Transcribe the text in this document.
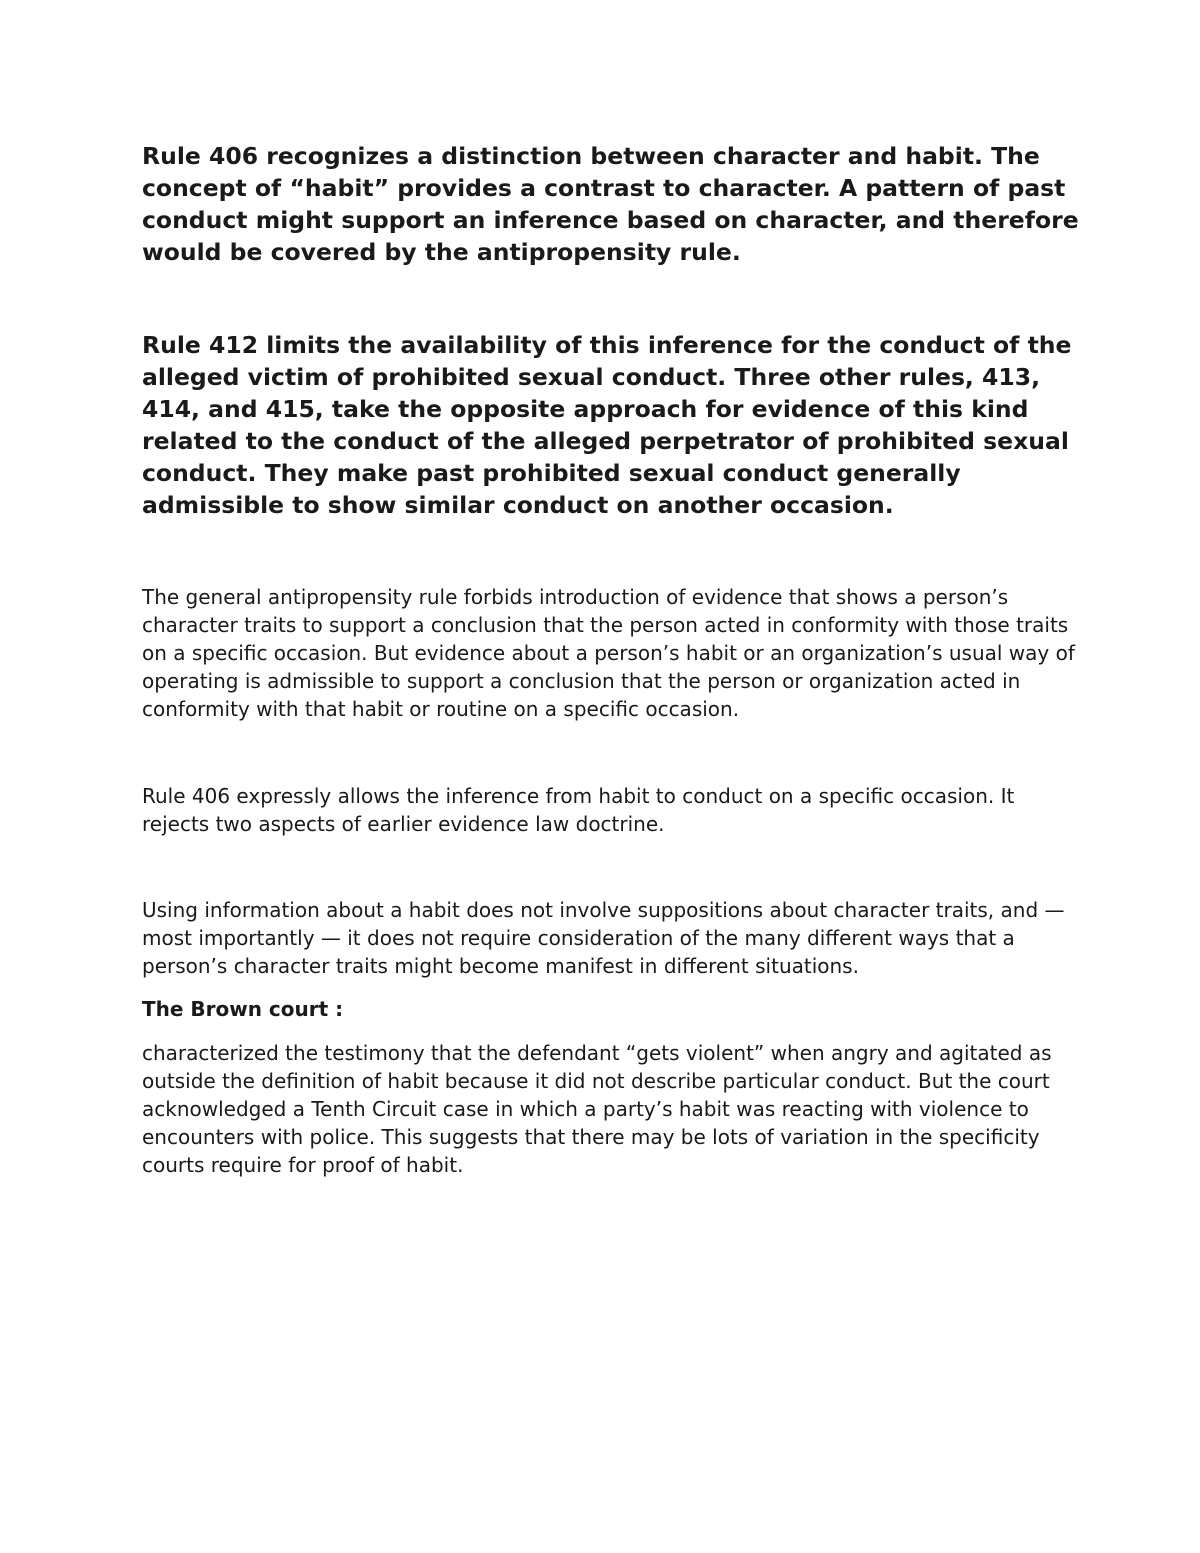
Rule 406 recognizes a distinction between character and habit. The concept of “habit” provides a contrast to character. A pattern of past conduct might support an inference based on character, and therefore would be covered by the antipropensity rule.

Rule 412 limits the availability of this inference for the conduct of the alleged victim of prohibited sexual conduct. Three other rules, 413, 414, and 415, take the opposite approach for evidence of this kind related to the conduct of the alleged perpetrator of prohibited sexual conduct. They make past prohibited sexual conduct generally admissible to show similar conduct on another occasion.

The general antipropensity rule forbids introduction of evidence that shows a person’s character traits to support a conclusion that the person acted in conformity with those traits on a specific occasion. But evidence about a person’s habit or an organization’s usual way of operating is admissible to support a conclusion that the person or organization acted in conformity with that habit or routine on a specific occasion.

Rule 406 expressly allows the inference from habit to conduct on a specific occasion. It rejects two aspects of earlier evidence law doctrine.

Using information about a habit does not involve suppositions about character traits, and — most importantly — it does not require consideration of the many different ways that a person’s character traits might become manifest in different situations.

The Brown court :

characterized the testimony that the defendant “gets violent” when angry and agitated as outside the definition of habit because it did not describe particular conduct. But the court acknowledged a Tenth Circuit case in which a party’s habit was reacting with violence to encounters with police. This suggests that there may be lots of variation in the specificity courts require for proof of habit.
